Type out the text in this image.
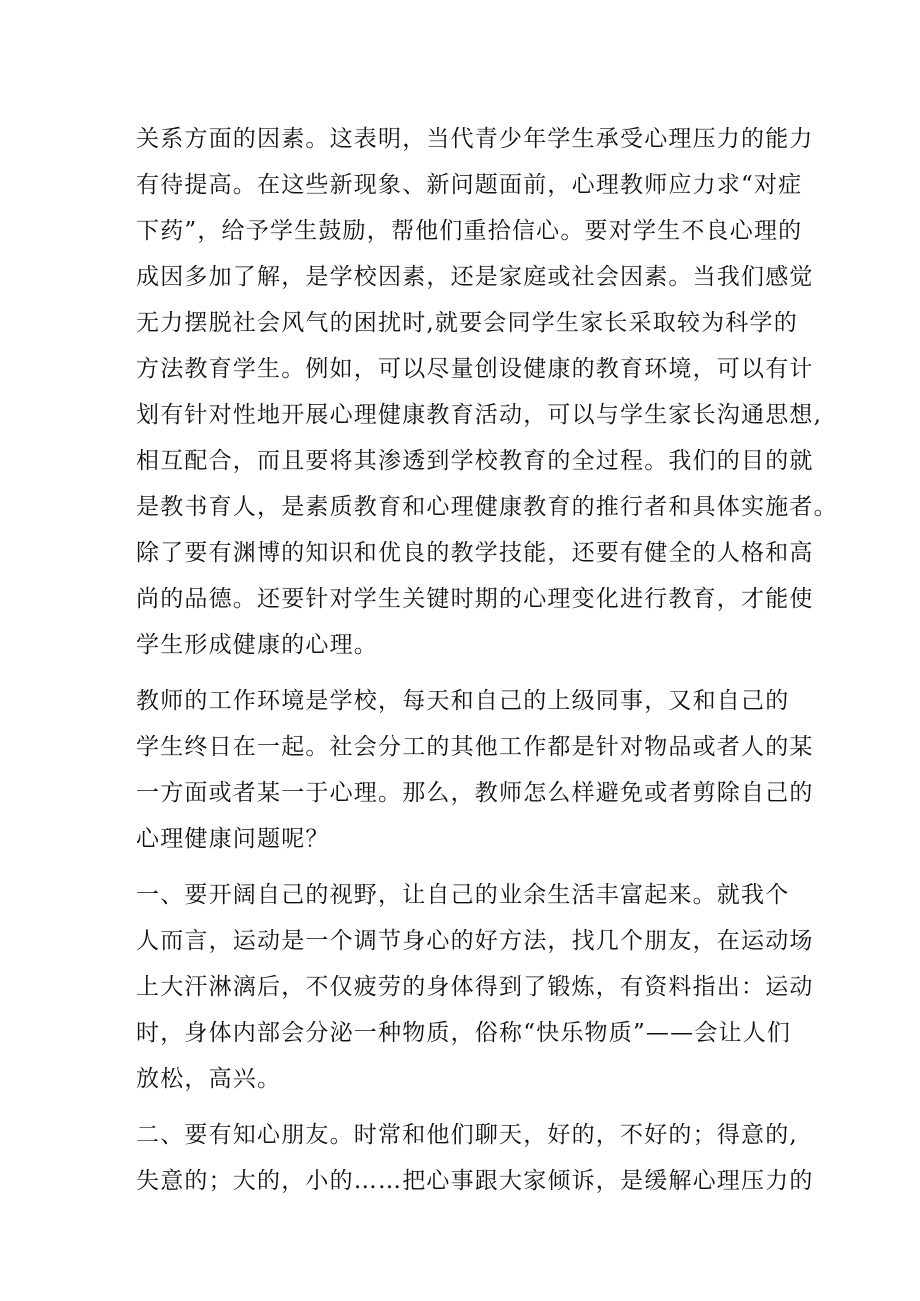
关系方面的因素。这表明，当代青少年学生承受心理压力的能力
有待提高。在这些新现象、新问题面前，心理教师应力求“对症
下药”，给予学生鼓励，帮他们重拾信心。要对学生不良心理的
成因多加了解，是学校因素，还是家庭或社会因素。当我们感觉
无力摆脱社会风气的困扰时,就要会同学生家长采取较为科学的
方法教育学生。例如，可以尽量创设健康的教育环境，可以有计
划有针对性地开展心理健康教育活动，可以与学生家长沟通思想,
相互配合，而且要将其渗透到学校教育的全过程。我们的目的就
是教书育人，是素质教育和心理健康教育的推行者和具体实施者。
除了要有渊博的知识和优良的教学技能，还要有健全的人格和高
尚的品德。还要针对学生关键时期的心理变化进行教育，才能使
学生形成健康的心理。
教师的工作环境是学校，每天和自己的上级同事，又和自己的
学生终日在一起。社会分工的其他工作都是针对物品或者人的某
一方面或者某一于心理。那么，教师怎么样避免或者剪除自己的
心理健康问题呢？
一、要开阔自己的视野，让自己的业余生活丰富起来。就我个
人而言，运动是一个调节身心的好方法，找几个朋友，在运动场
上大汗淋漓后，不仅疲劳的身体得到了锻炼，有资料指出：运动
时，身体内部会分泌一种物质，俗称“快乐物质”——会让人们
放松，高兴。
二、要有知心朋友。时常和他们聊天，好的，不好的；得意的,
失意的；大的，小的……把心事跟大家倾诉，是缓解心理压力的
